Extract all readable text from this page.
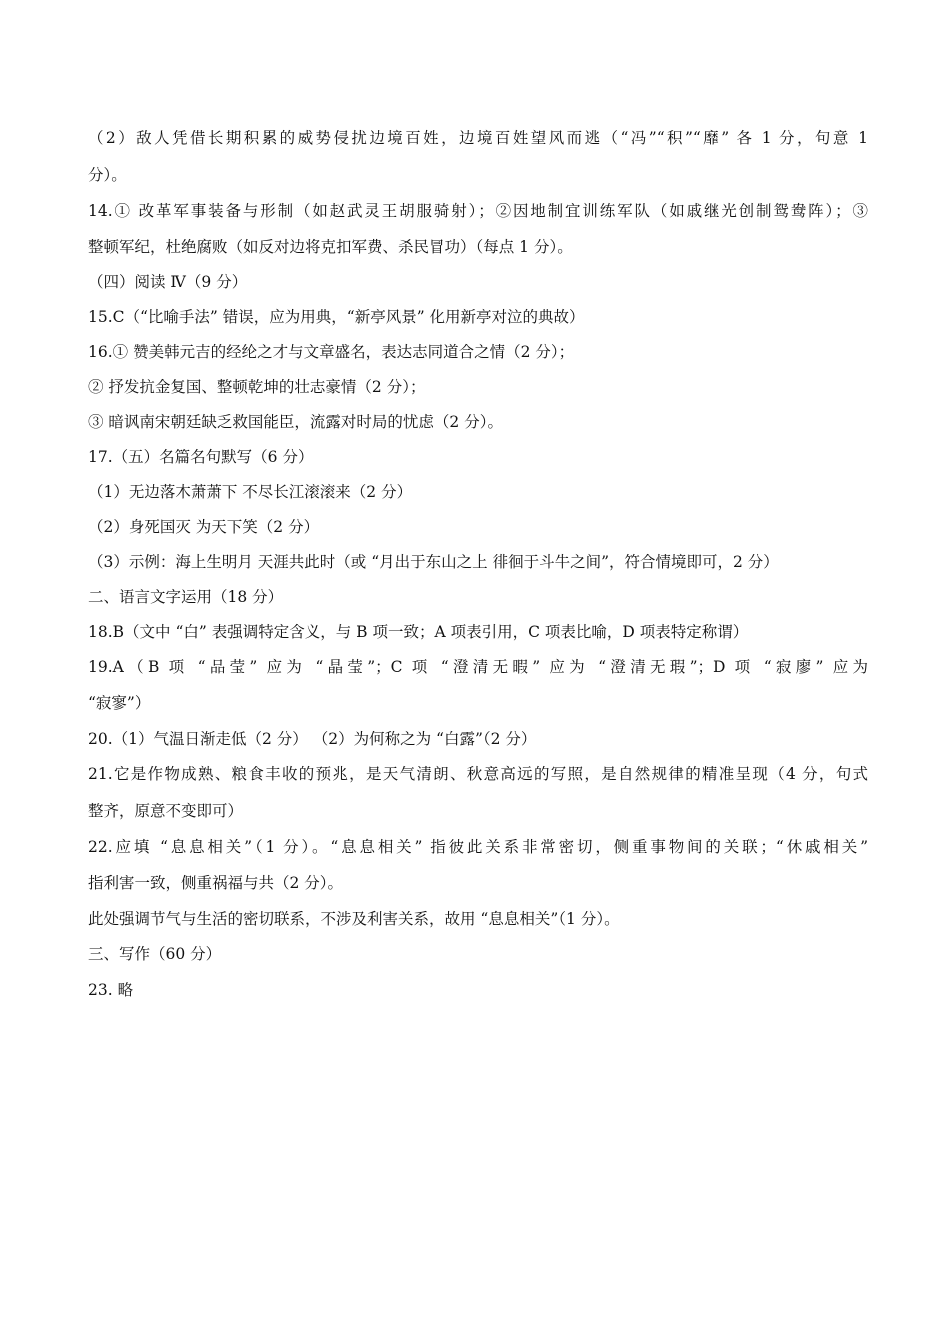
（2）敌人凭借长期积累的威势侵扰边境百姓，边境百姓望风而逃（“冯”“积”“靡” 各 1 分，句意 1
分）。
14.① 改革军事装备与形制（如赵武灵王胡服骑射）；②因地制宜训练军队（如戚继光创制鸳鸯阵）；③
整顿军纪，杜绝腐败（如反对边将克扣军费、杀民冒功）（每点 1 分）。
（四）阅读 Ⅳ（9 分）
15.C（“比喻手法” 错误，应为用典，“新亭风景” 化用新亭对泣的典故）
16.① 赞美韩元吉的经纶之才与文章盛名，表达志同道合之情（2 分）；
② 抒发抗金复国、整顿乾坤的壮志豪情（2 分）；
③ 暗讽南宋朝廷缺乏救国能臣，流露对时局的忧虑（2 分）。
17.（五）名篇名句默写（6 分）
（1）无边落木萧萧下 不尽长江滚滚来（2 分）
（2）身死国灭 为天下笑（2 分）
（3）示例：海上生明月 天涯共此时（或 “月出于东山之上 徘徊于斗牛之间”，符合情境即可，2 分）
二、语言文字运用（18 分）
18.B（文中 “白” 表强调特定含义，与 B 项一致；A 项表引用，C 项表比喻，D 项表特定称谓）
19.A（B 项 “品莹” 应为 “晶莹”；C 项 “澄清无暇” 应为 “澄清无瑕”；D 项 “寂廖” 应为
“寂寥”）
20.（1）气温日渐走低（2 分） （2）为何称之为 “白露”（2 分）
21.它是作物成熟、粮食丰收的预兆，是天气清朗、秋意高远的写照，是自然规律的精准呈现（4 分，句式
整齐，原意不变即可）
22.应填 “息息相关”（1 分）。“息息相关” 指彼此关系非常密切，侧重事物间的关联；“休戚相关”
指利害一致，侧重祸福与共（2 分）。
此处强调节气与生活的密切联系，不涉及利害关系，故用 “息息相关”（1 分）。
三、写作（60 分）
23. 略
